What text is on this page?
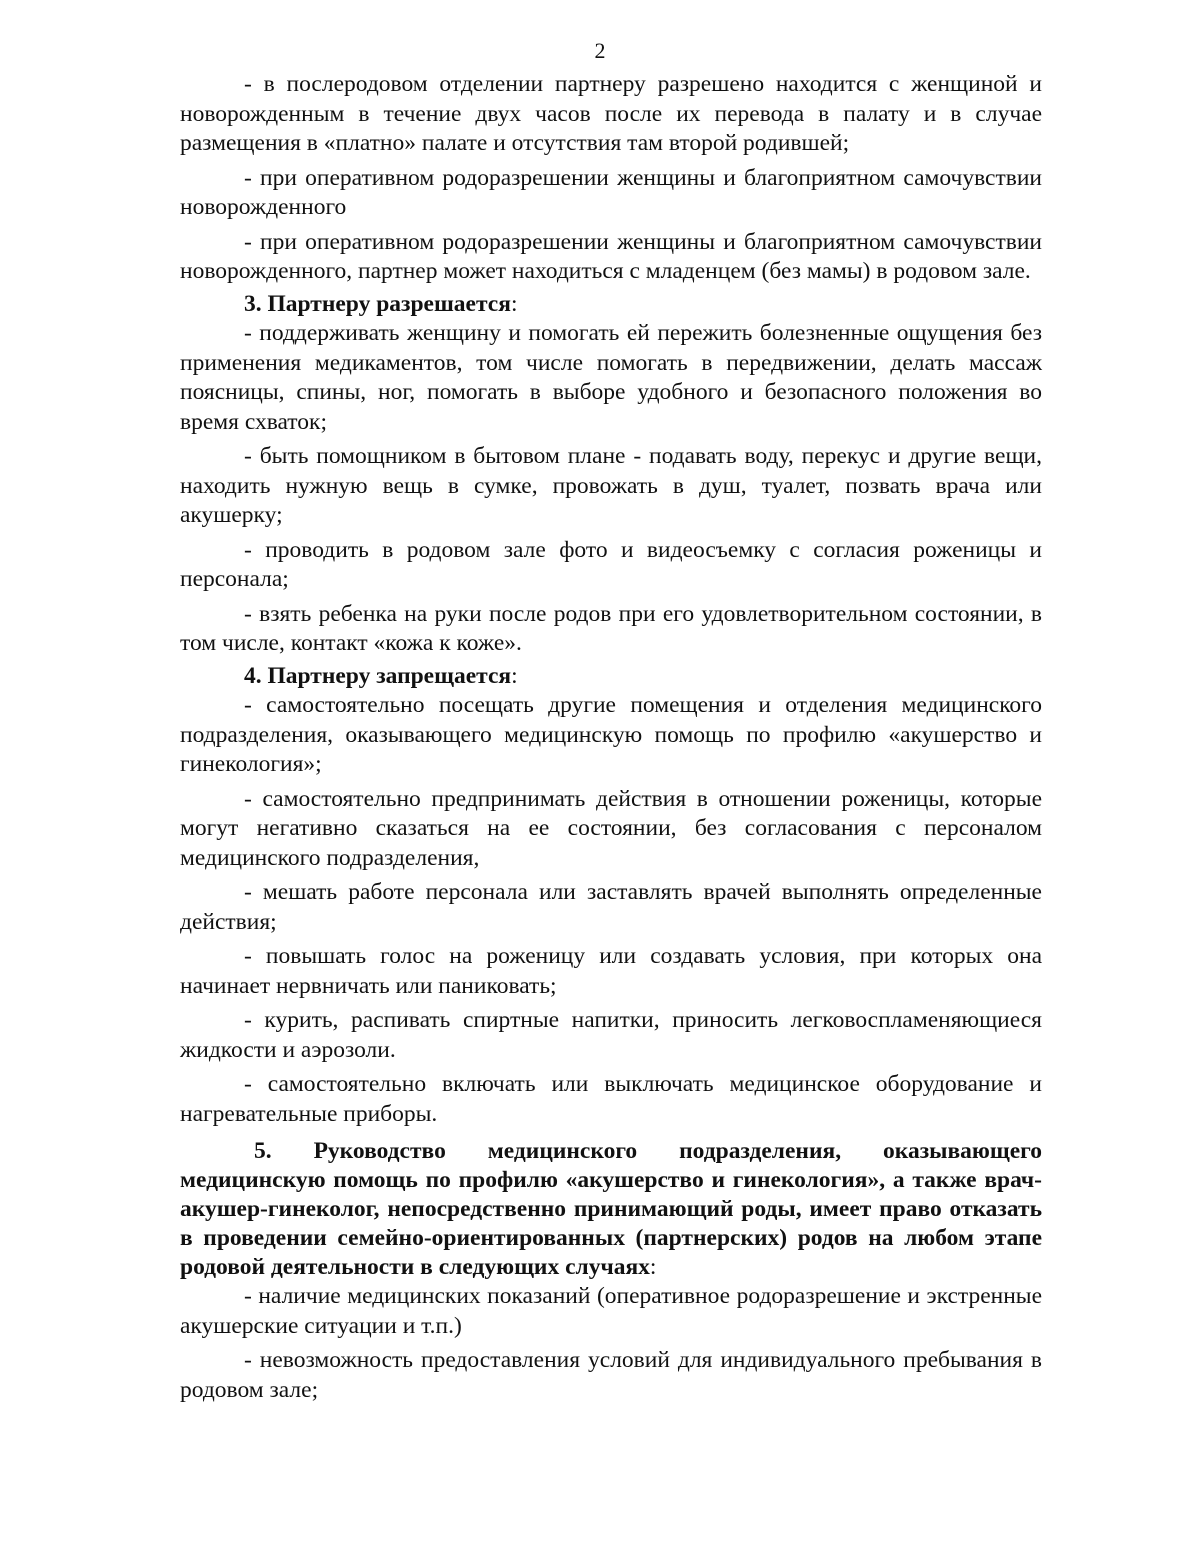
2

- в послеродовом отделении партнеру разрешено находится с женщиной и новорожденным в течение двух часов после их перевода в палату и в случае размещения в «платно» палате и отсутствия там второй родившей;

- при оперативном родоразрешении женщины и благоприятном самочувствии новорожденного

- при оперативном родоразрешении женщины и благоприятном самочувствии новорожденного, партнер может находиться с младенцем (без мамы) в родовом зале.

3. Партнеру разрешается:

- поддерживать женщину и помогать ей пережить болезненные ощущения без применения медикаментов, том числе помогать в передвижении, делать массаж поясницы, спины, ног, помогать в выборе удобного и безопасного положения во время схваток;

- быть помощником в бытовом плане - подавать воду, перекус и другие вещи, находить нужную вещь в сумке, провожать в душ, туалет, позвать врача или акушерку;

- проводить в родовом зале фото и видеосъемку с согласия роженицы и персонала;

- взять ребенка на руки после родов при его удовлетворительном состоянии, в том числе, контакт «кожа к коже».

4. Партнеру запрещается:

- самостоятельно посещать другие помещения и отделения медицинского подразделения, оказывающего медицинскую помощь по профилю «акушерство и гинекология»;

- самостоятельно предпринимать действия в отношении роженицы, которые могут негативно сказаться на ее состоянии, без согласования с персоналом медицинского подразделения,

- мешать работе персонала или заставлять врачей выполнять определенные действия;

- повышать голос на роженицу или создавать условия, при которых она начинает нервничать или паниковать;

- курить, распивать спиртные напитки, приносить легковоспламеняющиеся жидкости и аэрозоли.

- самостоятельно включать или выключать медицинское оборудование и нагревательные приборы.

5. Руководство медицинского подразделения, оказывающего медицинскую помощь по профилю «акушерство и гинекология», а также врач-акушер-гинеколог, непосредственно принимающий роды, имеет право отказать в проведении семейно-ориентированных (партнерских) родов на любом этапе родовой деятельности в следующих случаях:

- наличие медицинских показаний (оперативное родоразрешение и экстренные акушерские ситуации и т.п.)

- невозможность предоставления условий для индивидуального пребывания в родовом зале;
